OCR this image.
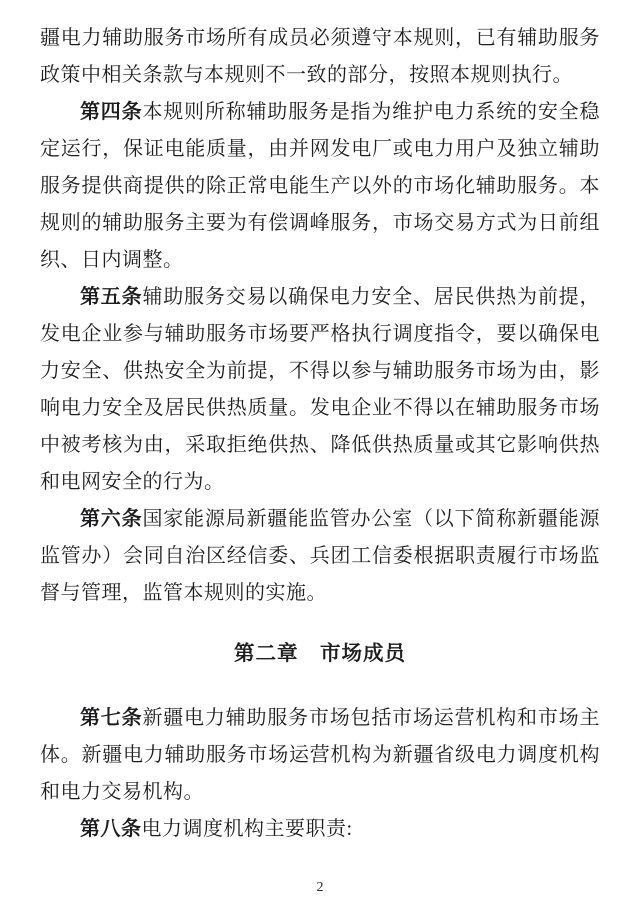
疆电力辅助服务市场所有成员必须遵守本规则，已有辅助服务政策中相关条款与本规则不一致的部分，按照本规则执行。

第四条本规则所称辅助服务是指为维护电力系统的安全稳定运行，保证电能质量，由并网发电厂或电力用户及独立辅助服务提供商提供的除正常电能生产以外的市场化辅助服务。本规则的辅助服务主要为有偿调峰服务，市场交易方式为日前组织、日内调整。

第五条辅助服务交易以确保电力安全、居民供热为前提，发电企业参与辅助服务市场要严格执行调度指令，要以确保电力安全、供热安全为前提，不得以参与辅助服务市场为由，影响电力安全及居民供热质量。发电企业不得以在辅助服务市场中被考核为由，采取拒绝供热、降低供热质量或其它影响供热和电网安全的行为。

第六条国家能源局新疆能监管办公室（以下简称新疆能源监管办）会同自治区经信委、兵团工信委根据职责履行市场监督与管理，监管本规则的实施。

第二章　市场成员

第七条新疆电力辅助服务市场包括市场运营机构和市场主体。新疆电力辅助服务市场运营机构为新疆省级电力调度机构和电力交易机构。

第八条电力调度机构主要职责:

2
